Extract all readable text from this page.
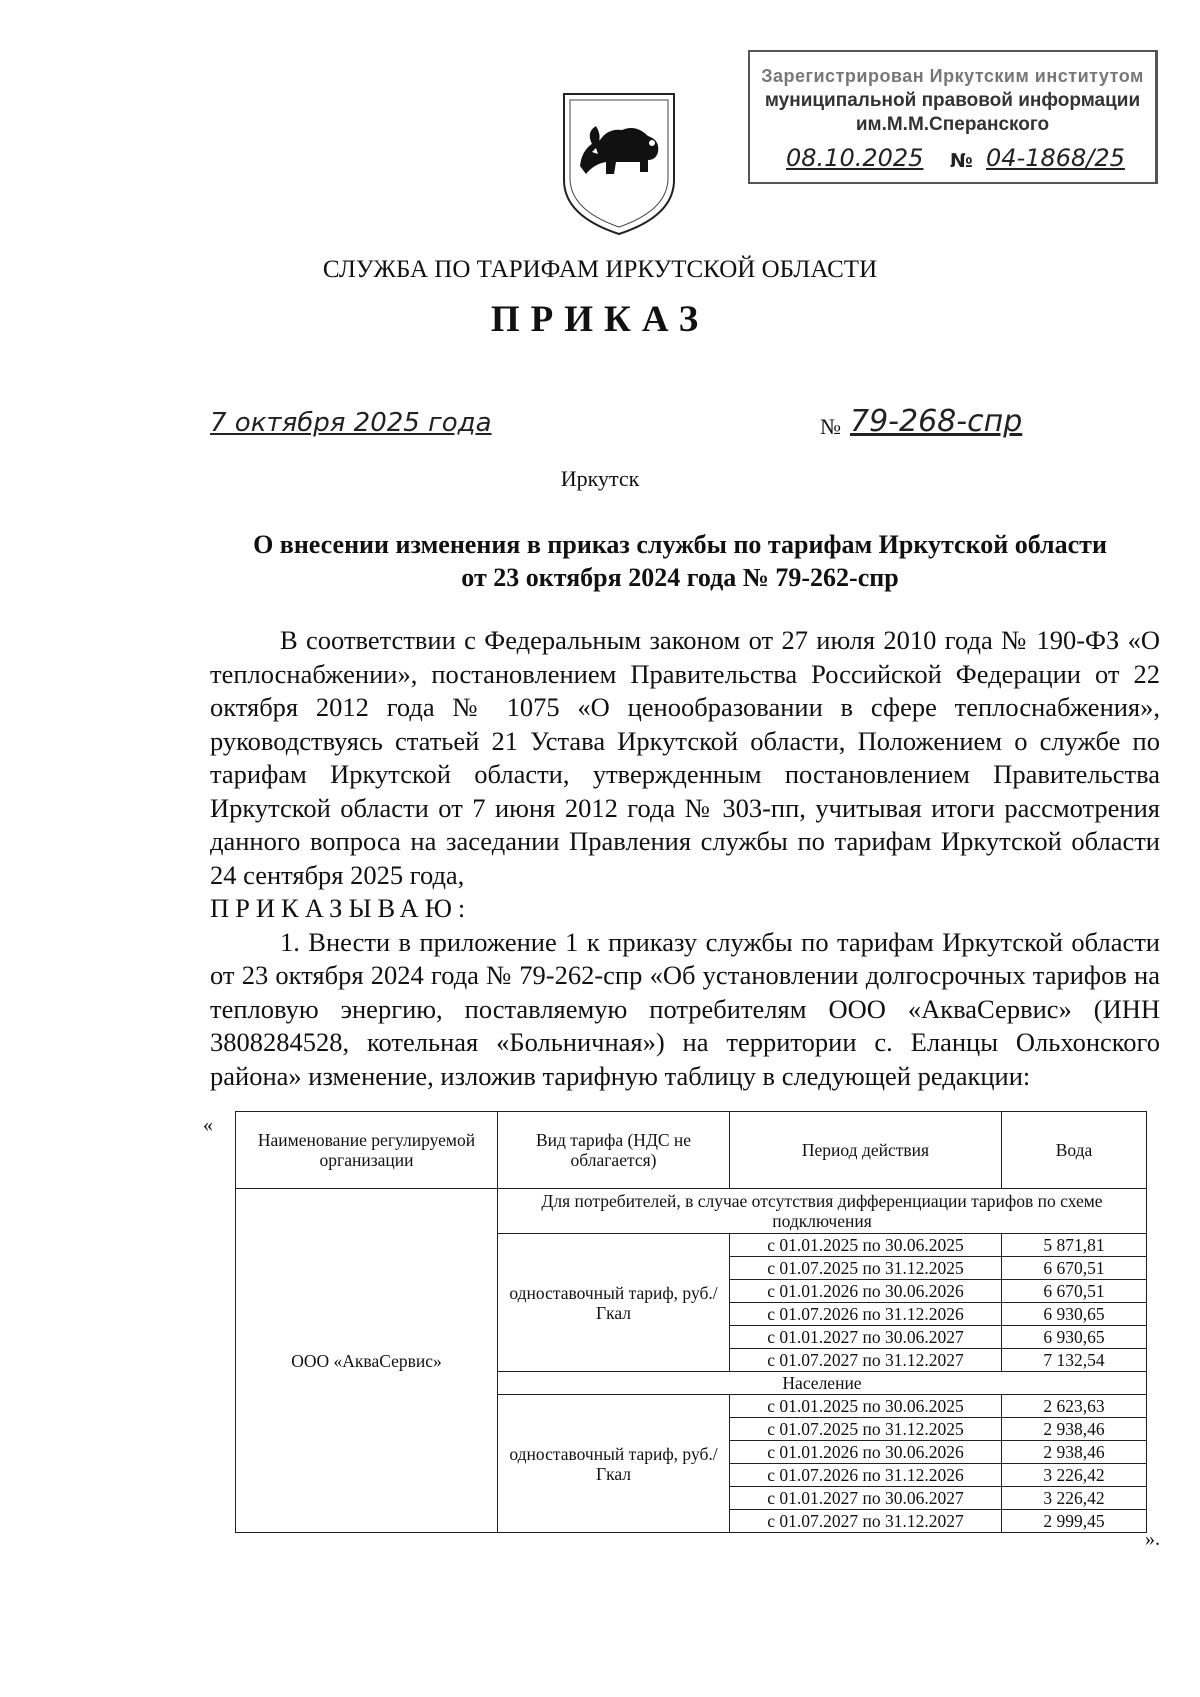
Зарегистрирован Иркутским институтом
муниципальной правовой информации
им.М.М.Сперанского
08.10.2025 № 04-1868/25
СЛУЖБА ПО ТАРИФАМ ИРКУТСКОЙ ОБЛАСТИ
ПРИКАЗ
7 октября 2025 года	№ 79-268-спр
Иркутск
О внесении изменения в приказ службы по тарифам Иркутской области
от 23 октября 2024 года № 79-262-спр

В соответствии с Федеральным законом от 27 июля 2010 года № 190-ФЗ «О теплоснабжении», постановлением Правительства Российской Федерации от 22 октября 2012 года № 1075 «О ценообразовании в сфере теплоснабжения», руководствуясь статьей 21 Устава Иркутской области, Положением о службе по тарифам Иркутской области, утвержденным постановлением Правительства Иркутской области от 7 июня 2012 года № 303-пп, учитывая итоги рассмотрения данного вопроса на заседании Правления службы по тарифам Иркутской области 24 сентября 2025 года,

ПРИКАЗЫВАЮ:

1. Внести в приложение 1 к приказу службы по тарифам Иркутской области от 23 октября 2024 года № 79-262-спр «Об установлении долгосрочных тарифов на тепловую энергию, поставляемую потребителям ООО «АкваСервис» (ИНН 3808284528, котельная «Больничная») на территории с. Еланцы Ольхонского района» изменение, изложив тарифную таблицу в следующей редакции:

«
Наименование регулируемой организации	Вид тарифа (НДС не облагается)	Период действия	Вода
ООО «АкваСервис»	Для потребителей, в случае отсутствия дифференциации тарифов по схеме подключения		
	одноставочный тариф, руб./Гкал	с 01.01.2025 по 30.06.2025	5 871,81
		с 01.07.2025 по 31.12.2025	6 670,51
		с 01.01.2026 по 30.06.2026	6 670,51
		с 01.07.2026 по 31.12.2026	6 930,65
		с 01.01.2027 по 30.06.2027	6 930,65
		с 01.07.2027 по 31.12.2027	7 132,54
	Население		
	одноставочный тариф, руб./Гкал	с 01.01.2025 по 30.06.2025	2 623,63
		с 01.07.2025 по 31.12.2025	2 938,46
		с 01.01.2026 по 30.06.2026	2 938,46
		с 01.07.2026 по 31.12.2026	3 226,42
		с 01.01.2027 по 30.06.2027	3 226,42
		с 01.07.2027 по 31.12.2027	2 999,45
».
